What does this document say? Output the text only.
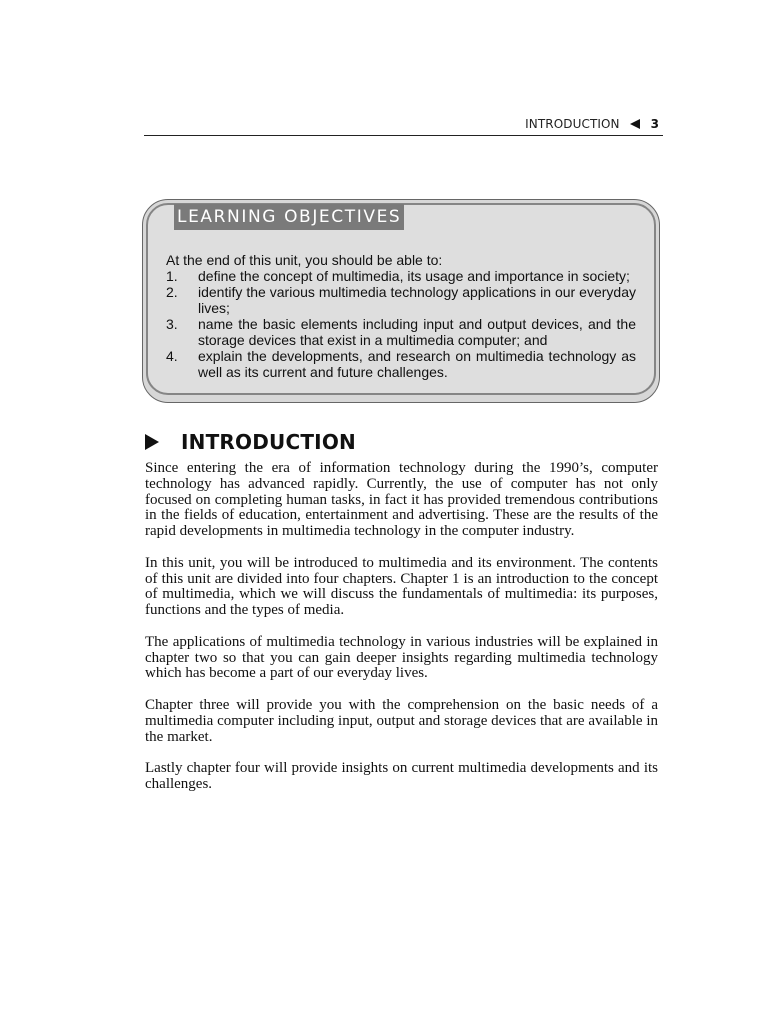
INTRODUCTION	3
LEARNING OBJECTIVES
At the end of this unit, you should be able to:
1.	define the concept of multimedia, its usage and importance in society;
2.	identify the various multimedia technology applications in our everyday lives;
3.	name the basic elements including input and output devices, and the storage devices that exist in a multimedia computer; and
4.	explain the developments, and research on multimedia technology as well as its current and future challenges.
INTRODUCTION

Since entering the era of information technology during the 1990’s, computer technology has advanced rapidly. Currently, the use of computer has not only focused on completing human tasks, in fact it has provided tremendous contributions in the fields of education, entertainment and advertising. These are the results of the rapid developments in multimedia technology in the computer industry.

In this unit, you will be introduced to multimedia and its environment. The contents of this unit are divided into four chapters. Chapter 1 is an introduction to the concept of multimedia, which we will discuss the fundamentals of multimedia: its purposes, functions and the types of media.

The applications of multimedia technology in various industries will be explained in chapter two so that you can gain deeper insights regarding multimedia technology which has become a part of our everyday lives.

Chapter three will provide you with the comprehension on the basic needs of a multimedia computer including input, output and storage devices that are available in the market.

Lastly chapter four will provide insights on current multimedia developments and its challenges.
